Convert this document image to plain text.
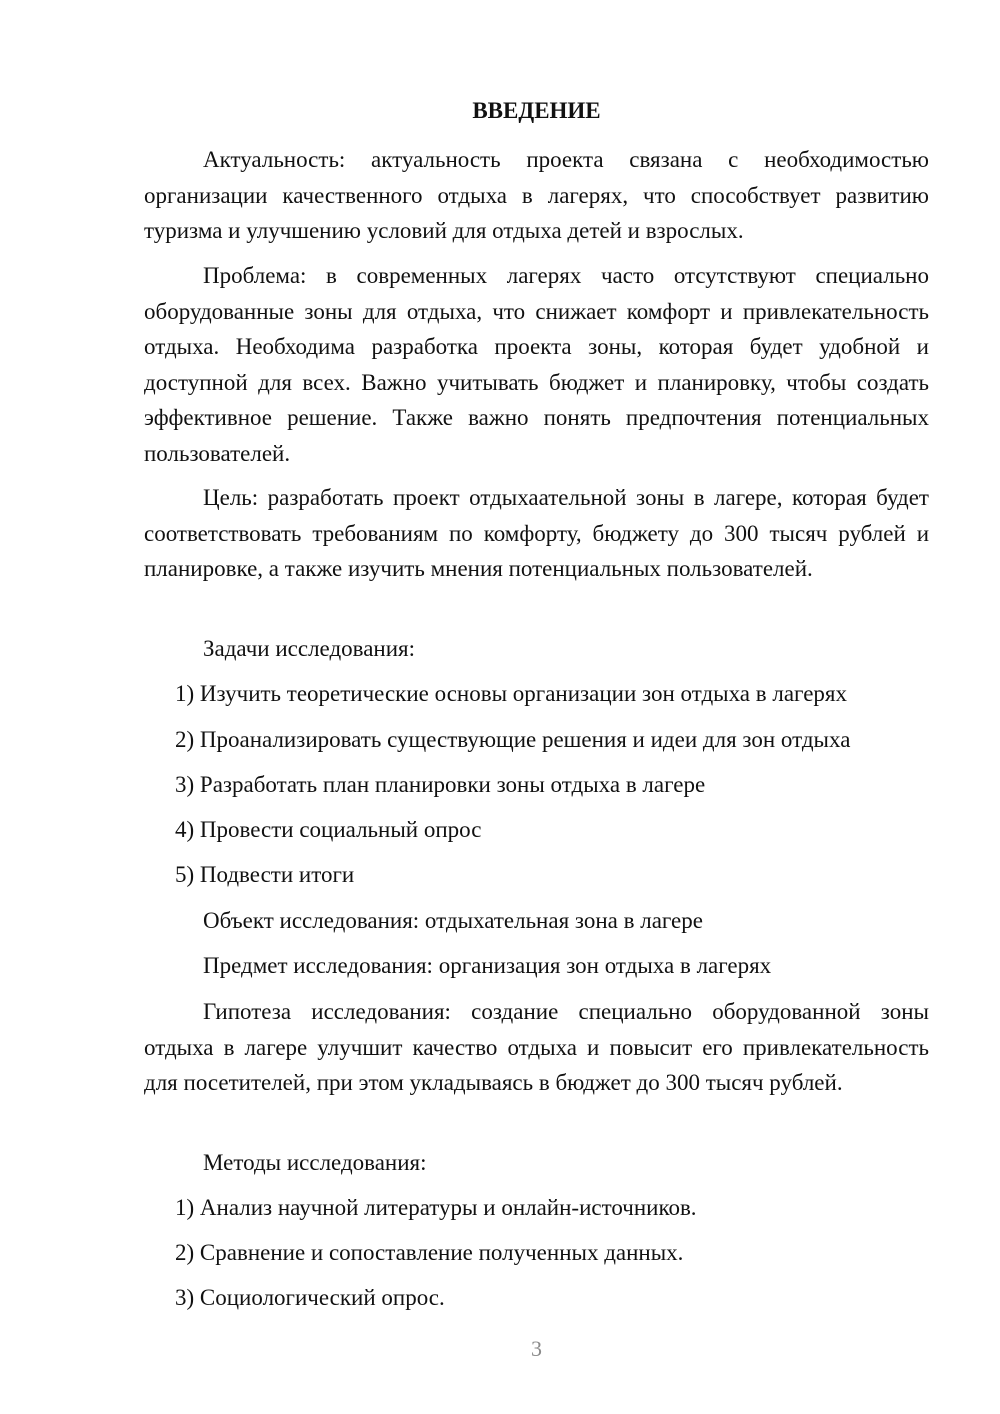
ВВЕДЕНИЕ

Актуальность: актуальность проекта связана с необходимостью организации качественного отдыха в лагерях, что способствует развитию туризма и улучшению условий для отдыха детей и взрослых.

Проблема: в современных лагерях часто отсутствуют специально оборудованные зоны для отдыха, что снижает комфорт и привлекательность отдыха. Необходима разработка проекта зоны, которая будет удобной и доступной для всех. Важно учитывать бюджет и планировку, чтобы создать эффективное решение. Также важно понять предпочтения потенциальных пользователей.

Цель: разработать проект отдыхаательной зоны в лагере, которая будет соответствовать требованиям по комфорту, бюджету до 300 тысяч рублей и планировке, а также изучить мнения потенциальных пользователей.

Задачи исследования:

1) Изучить теоретические основы организации зон отдыха в лагерях

2) Проанализировать существующие решения и идеи для зон отдыха

3) Разработать план планировки зоны отдыха в лагере

4) Провести социальный опрос

5) Подвести итоги

Объект исследования: отдыхательная зона в лагере

Предмет исследования: организация зон отдыха в лагерях

Гипотеза исследования: создание специально оборудованной зоны отдыха в лагере улучшит качество отдыха и повысит его привлекательность для посетителей, при этом укладываясь в бюджет до 300 тысяч рублей.

Методы исследования:

1) Анализ научной литературы и онлайн-источников.

2) Сравнение и сопоставление полученных данных.

3) Социологический опрос.

3
